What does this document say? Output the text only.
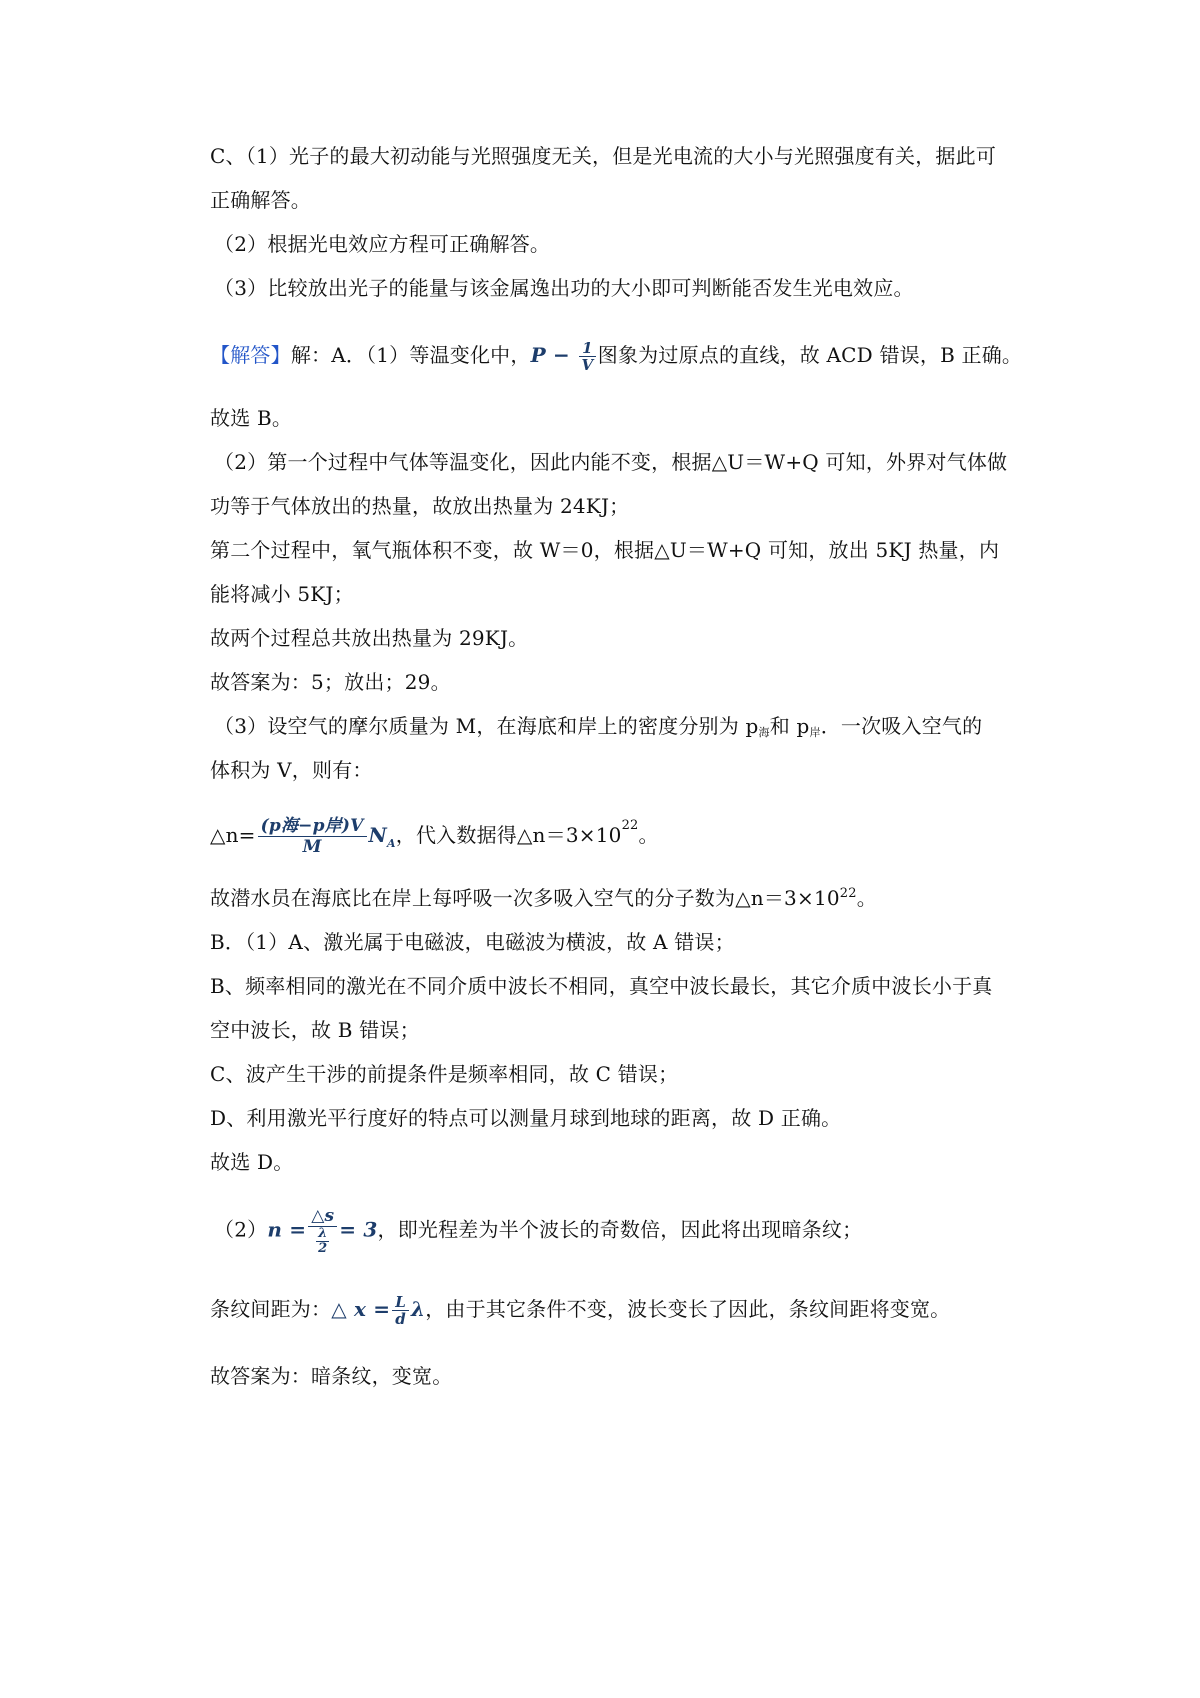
C、（1）光子的最大初动能与光照强度无关，但是光电流的大小与光照强度有关，据此可
正确解答。
（2）根据光电效应方程可正确解答。
（3）比较放出光子的能量与该金属逸出功的大小即可判断能否发生光电效应。
【解答】解：A．（1）等温变化中，$P - \frac{1}{V}$ 图象为过原点的直线，故 ACD 错误，B 正确。
故选 B。
（2）第一个过程中气体等温变化，因此内能不变，根据△U＝W+Q 可知，外界对气体做
功等于气体放出的热量，故放出热量为 24KJ；
第二个过程中，氧气瓶体积不变，故 W＝0，根据△U＝W+Q 可知，放出 5KJ 热量，内
能将减小 5KJ；
故两个过程总共放出热量为 29KJ。
故答案为：5；放出；29。
（3）设空气的摩尔质量为 M，在海底和岸上的密度分别为 $p_海$和 $p_岸$．一次吸入空气的
体积为 V，则有：
△n= $\frac{\text{(p海−p岸)V}}{M} N_A$，代入数据得$\triangle n=3\times 10^{22}$。
故潜水员在海底比在岸上每呼吸一次多吸入空气的分子数为$\triangle n=3\times 10^{22}$。
B．（1）A、激光属于电磁波，电磁波为横波，故 A 错误；
B、频率相同的激光在不同介质中波长不相同，真空中波长最长，其它介质中波长小于真
空中波长，故 B 错误；
C、波产生干涉的前提条件是频率相同，故 C 错误；
D、利用激光平行度好的特点可以测量月球到地球的距离，故 D 正确。
故选 D。
$(2)n = \frac{\triangle s}{\frac{\lambda}{2}} = 3$，即光程差为半个波长的奇数倍，因此将出现暗条纹；
条纹间距为：△ $x = \frac{L}{d}$ λ，由于其它条件不变，波长变长了因此，条纹间距将变宽。
故答案为：暗条纹，变宽。
